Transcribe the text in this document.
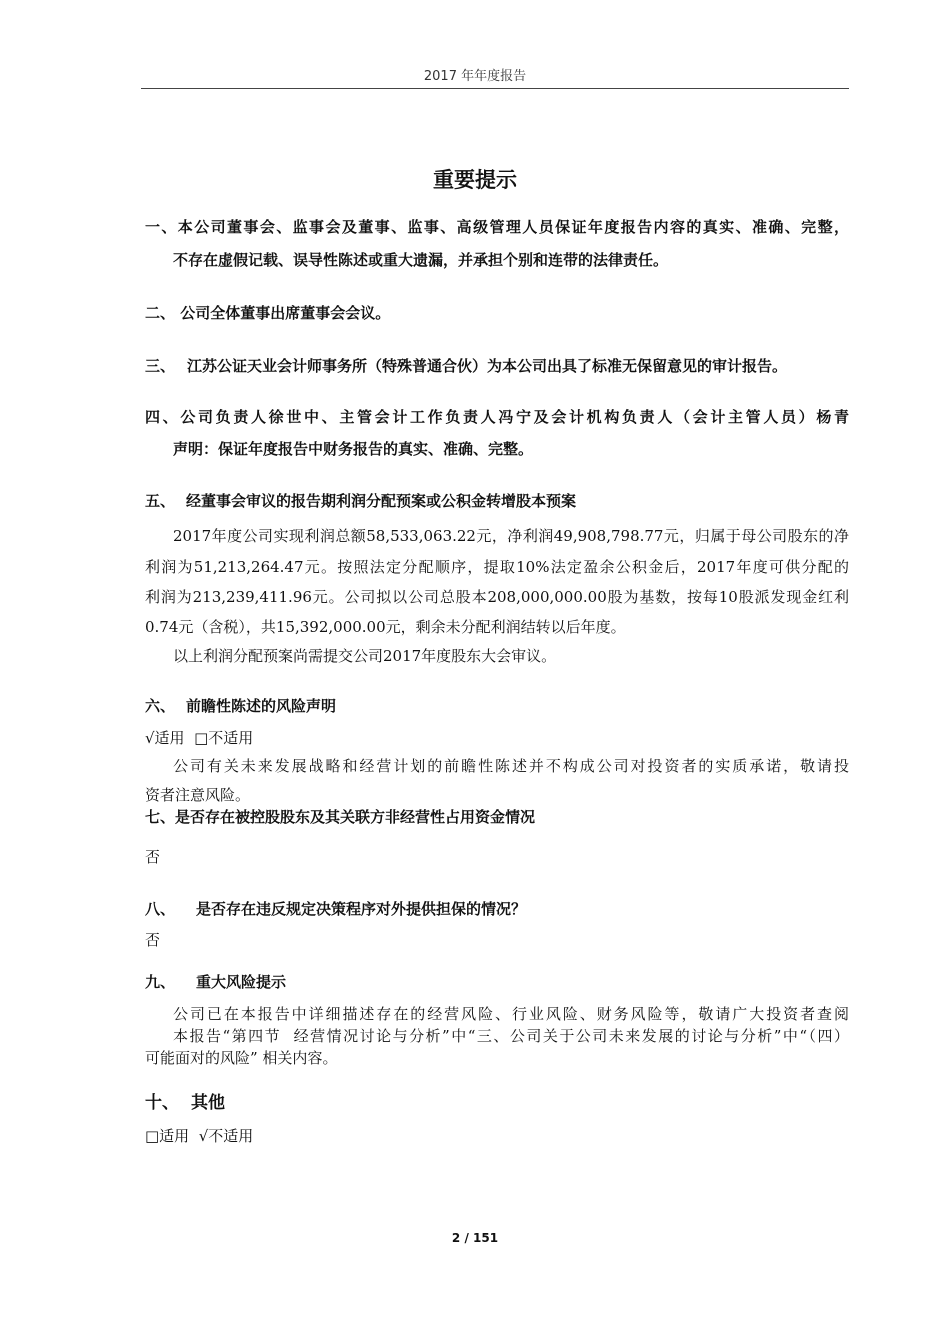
2017 年年度报告
重要提示
一、本公司董事会、监事会及董事、监事、高级管理人员保证年度报告内容的真实、准确、完整，
不存在虚假记载、误导性陈述或重大遗漏，并承担个别和连带的法律责任。
二、 公司全体董事出席董事会会议。
三、 江苏公证天业会计师事务所（特殊普通合伙）为本公司出具了标准无保留意见的审计报告。
四、公司负责人徐世中、主管会计工作负责人冯宁及会计机构负责人（会计主管人员）杨青
声明：保证年度报告中财务报告的真实、准确、完整。
五、 经董事会审议的报告期利润分配预案或公积金转增股本预案
2017年度公司实现利润总额58,533,063.22元，净利润49,908,798.77元，归属于母公司股东的净
利润为51,213,264.47元。按照法定分配顺序，提取10%法定盈余公积金后，2017年度可供分配的
利润为213,239,411.96元。公司拟以公司总股本208,000,000.00股为基数，按每10股派发现金红利
0.74元（含税），共15,392,000.00元，剩余未分配利润结转以后年度。
以上利润分配预案尚需提交公司2017年度股东大会审议。
六、 前瞻性陈述的风险声明
√适用  □不适用
公司有关未来发展战略和经营计划的前瞻性陈述并不构成公司对投资者的实质承诺，敬请投
资者注意风险。
七、是否存在被控股股东及其关联方非经营性占用资金情况
否
八、 是否存在违反规定决策程序对外提供担保的情况？
否
九、 重大风险提示
公司已在本报告中详细描述存在的经营风险、行业风险、财务风险等，敬请广大投资者查阅
本报告“第四节  经营情况讨论与分析”中“三、公司关于公司未来发展的讨论与分析”中“（四）
可能面对的风险” 相关内容。
十、 其他
□适用  √不适用
2 / 151
